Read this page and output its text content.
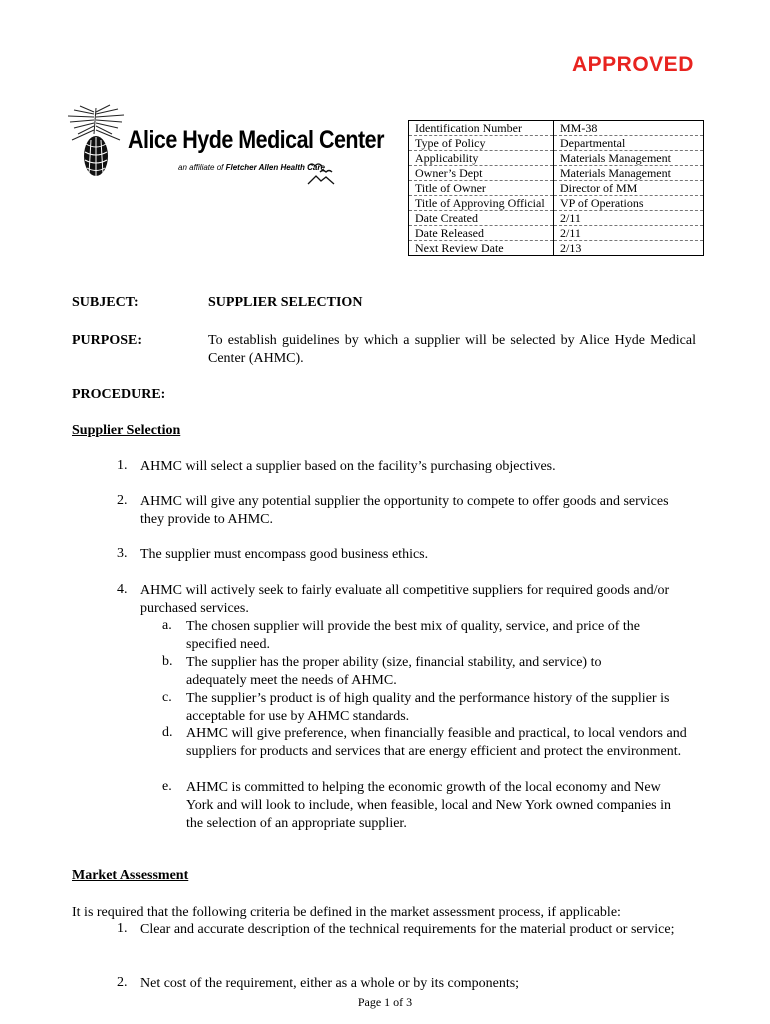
APPROVED
Alice Hyde Medical Center
an affiliate of Fletcher Allen Health Care
Identification Number	MM-38
Type of Policy	Departmental
Applicability	Materials Management
Owner’s Dept	Materials Management
Title of Owner	Director of MM
Title of Approving Official	VP of Operations
Date Created	2/11
Date Released	2/11
Next Review Date	2/13
SUBJECT:	SUPPLIER SELECTION
PURPOSE:	To establish guidelines by which a supplier will be selected by Alice Hyde Medical Center (AHMC).
PROCEDURE:
Supplier Selection
1. AHMC will select a supplier based on the facility’s purchasing objectives.
2. AHMC will give any potential supplier the opportunity to compete to offer goods and services they provide to AHMC.
3. The supplier must encompass good business ethics.
4. AHMC will actively seek to fairly evaluate all competitive suppliers for required goods and/or purchased services.
a. The chosen supplier will provide the best mix of quality, service, and price of the specified need.
b. The supplier has the proper ability (size, financial stability, and service) to adequately meet the needs of AHMC.
c. The supplier’s product is of high quality and the performance history of the supplier is acceptable for use by AHMC standards.
d. AHMC will give preference, when financially feasible and practical, to local vendors and suppliers for products and services that are energy efficient and protect the environment.
e. AHMC is committed to helping the economic growth of the local economy and New York and will look to include, when feasible, local and New York owned companies in the selection of an appropriate supplier.
Market Assessment
It is required that the following criteria be defined in the market assessment process, if applicable:
1. Clear and accurate description of the technical requirements for the material product or service;
2. Net cost of the requirement, either as a whole or by its components;
Page 1 of 3
